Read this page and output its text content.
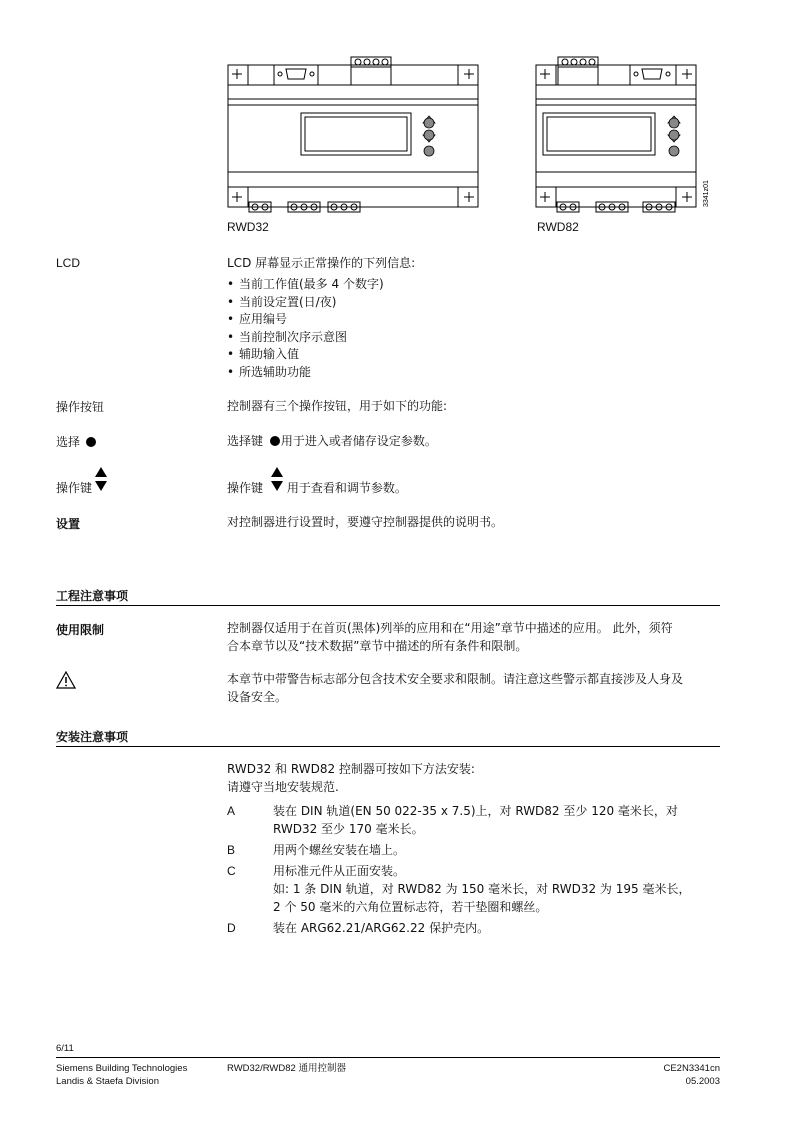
RWD32
3341z01
RWD82
LCD	LCD 屏幕显示正常操作的下列信息:
• 当前工作值(最多 4 个数字)
• 当前设定置(日/夜)
• 应用编号
• 当前控制次序示意图
• 辅助输入值
• 所选辅助功能
操作按钮	控制器有三个操作按钮，用于如下的功能:
选择	选择键 用于进入或者储存设定参数。
操作键	操作键 用于查看和调节参数。
设置	对控制器进行设置时，要遵守控制器提供的说明书。
工程注意事项
使用限制	控制器仅适用于在首页(黑体)列举的应用和在“用途”章节中描述的应用。 此外，须符
合本章节以及“技术数据”章节中描述的所有条件和限制。
本章节中带警告标志部分包含技术安全要求和限制。请注意这些警示都直接涉及人身及
设备安全。
安装注意事项
RWD32 和 RWD82 控制器可按如下方法安装:
请遵守当地安装规范.
A	装在 DIN 轨道(EN 50 022-35 x 7.5)上，对 RWD82 至少 120 毫米长，对
RWD32 至少 170 毫米长。
B	用两个螺丝安装在墙上。
C	用标准元件从正面安装。
如: 1 条 DIN 轨道，对 RWD82 为 150 毫米长，对 RWD32 为 195 毫米长，
2 个 50 毫米的六角位置标志符，若干垫圈和螺丝。
D	装在 ARG62.21/ARG62.22 保护壳内。
6/11
Siemens Building Technologies
Landis & Staefa Division
RWD32/RWD82 通用控制器	CE2N3341cn
05.2003
